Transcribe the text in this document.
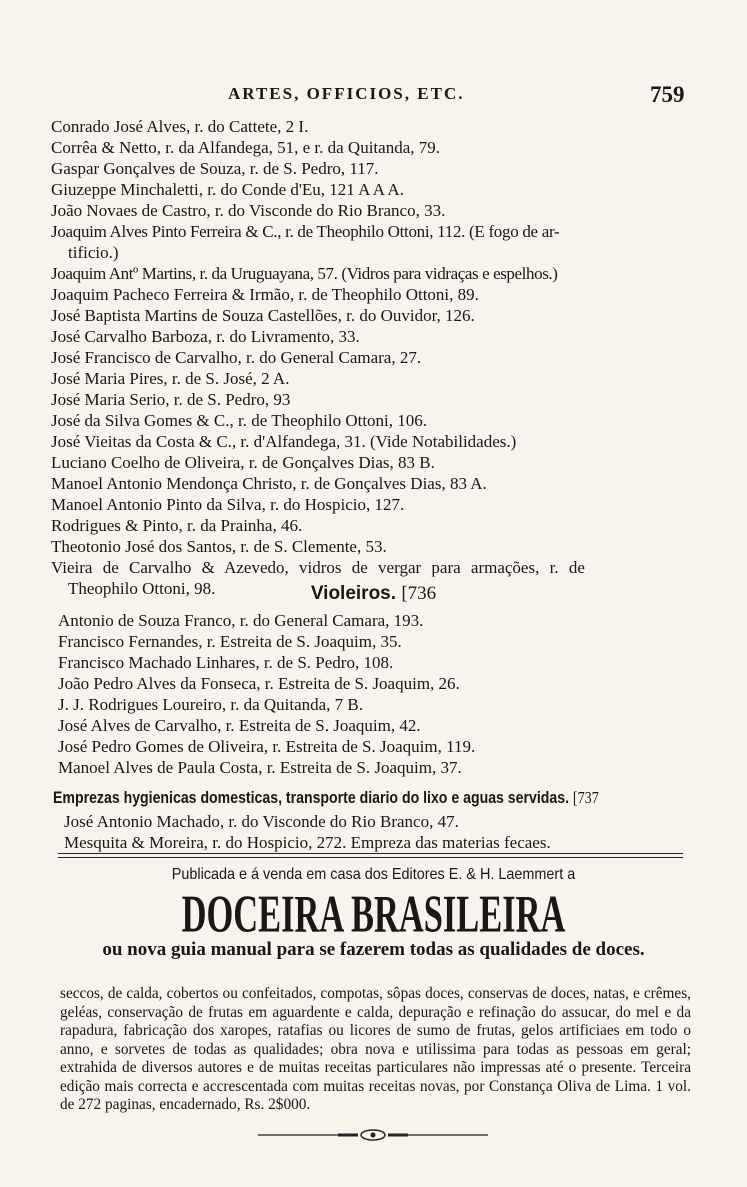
ARTES, OFFICIOS, ETC.	759
Conrado José Alves, r. do Cattete, 2 I.
Corrêa & Netto, r. da Alfandega, 51, e r. da Quitanda, 79.
Gaspar Gonçalves de Souza, r. de S. Pedro, 117.
Giuzeppe Minchaletti, r. do Conde d'Eu, 121 A A A.
João Novaes de Castro, r. do Visconde do Rio Branco, 33.
Joaquim Alves Pinto Ferreira & C., r. de Theophilo Ottoni, 112. (E fogo de ar-
tificio.)
Joaquim Antº Martins, r. da Uruguayana, 57. (Vidros para vidraças e espelhos.)
Joaquim Pacheco Ferreira & Irmão, r. de Theophilo Ottoni, 89.
José Baptista Martins de Souza Castellões, r. do Ouvidor, 126.
José Carvalho Barboza, r. do Livramento, 33.
José Francisco de Carvalho, r. do General Camara, 27.
José Maria Pires, r. de S. José, 2 A.
José Maria Serio, r. de S. Pedro, 93
José da Silva Gomes & C., r. de Theophilo Ottoni, 106.
José Vieitas da Costa & C., r. d'Alfandega, 31. (Vide Notabilidades.)
Luciano Coelho de Oliveira, r. de Gonçalves Dias, 83 B.
Manoel Antonio Mendonça Christo, r. de Gonçalves Dias, 83 A.
Manoel Antonio Pinto da Silva, r. do Hospicio, 127.
Rodrigues & Pinto, r. da Prainha, 46.
Theotonio José dos Santos, r. de S. Clemente, 53.
Vieira de Carvalho & Azevedo, vidros de vergar para armações, r. de
Theophilo Ottoni, 98.	Violeiros. [736
Antonio de Souza Franco, r. do General Camara, 193.
Francisco Fernandes, r. Estreita de S. Joaquim, 35.
Francisco Machado Linhares, r. de S. Pedro, 108.
João Pedro Alves da Fonseca, r. Estreita de S. Joaquim, 26.
J. J. Rodrigues Loureiro, r. da Quitanda, 7 B.
José Alves de Carvalho, r. Estreita de S. Joaquim, 42.
José Pedro Gomes de Oliveira, r. Estreita de S. Joaquim, 119.
Manoel Alves de Paula Costa, r. Estreita de S. Joaquim, 37.
Emprezas hygienicas domesticas, transporte diario do lixo e aguas servidas. [737
José Antonio Machado, r. do Visconde do Rio Branco, 47.
Mesquita & Moreira, r. do Hospicio, 272. Empreza das materias fecaes.
Publicada e á venda em casa dos Editores E. & H. Laemmert a
DOCEIRA BRASILEIRA
ou nova guia manual para se fazerem todas as qualidades de doces.
seccos, de calda, cobertos ou confeitados, compotas, sôpas doces, conservas de doces, natas, e crêmes, geléas, conservação de frutas em aguardente e calda, depuração e refinação do assucar, do mel e da rapadura, fabricação dos xaropes, ratafias ou licores de sumo de frutas, gelos artificiaes em todo o anno, e sorvetes de todas as qualidades; obra nova e utilissima para todas as pessoas em geral; extrahida de diversos autores e de muitas receitas particulares não impressas até o presente. Terceira edição mais correcta e accrescentada com muitas receitas novas, por Constança Oliva de Lima. 1 vol. de 272 paginas, encadernado, Rs. 2$000.
